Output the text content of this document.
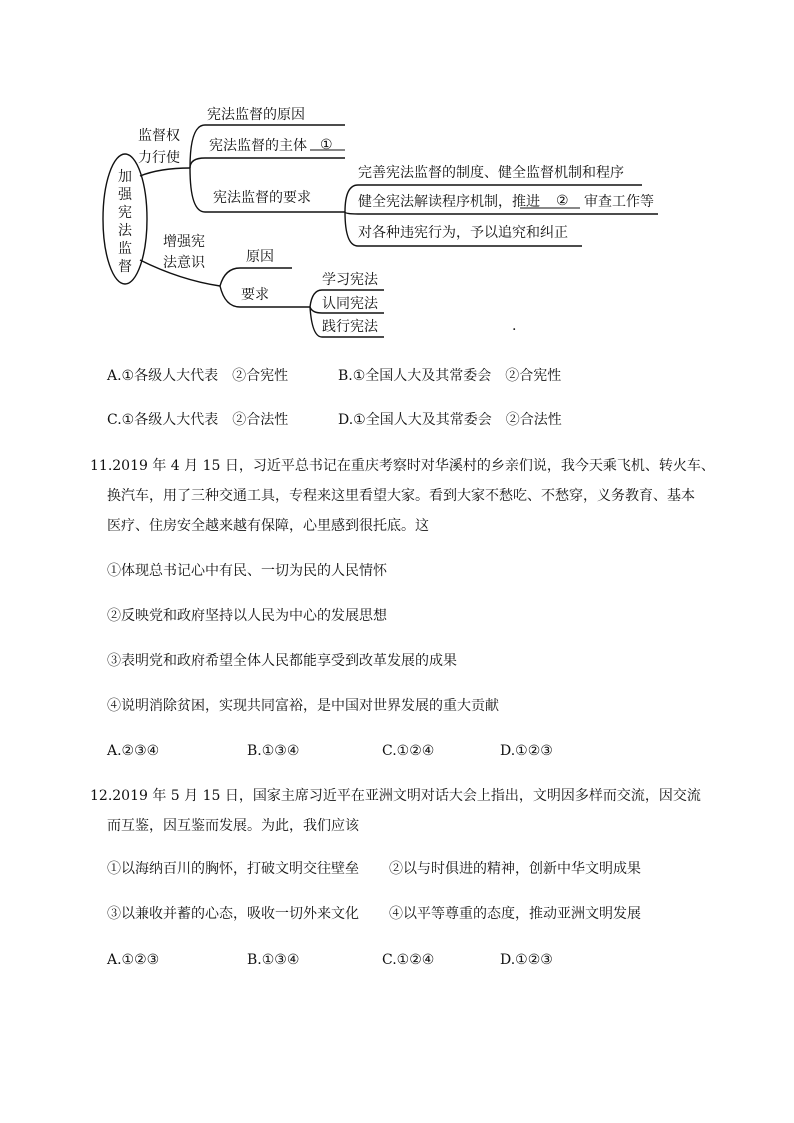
加
强
宪
法
监
督
监督权
力行使
宪法监督的原因
宪法监督的主体 ①
宪法监督的要求
完善宪法监督的制度、健全监督机制和程序
健全宪法解读程序机制，推进 ② 审查工作等
对各种违宪行为，予以追究和纠正
增强宪
法意识	原因
要求
学习宪法
认同宪法
践行宪法	.
A.①各级人大代表　②合宪性	B.①全国人大及其常委会　②合宪性
C.①各级人大代表　②合法性	D.①全国人大及其常委会　②合法性
11.2019 年 4 月 15 日，习近平总书记在重庆考察时对华溪村的乡亲们说，我今天乘飞机、转火车、
换汽车，用了三种交通工具，专程来这里看望大家。看到大家不愁吃、不愁穿，义务教育、基本
医疗、住房安全越来越有保障，心里感到很托底。这
①体现总书记心中有民、一切为民的人民情怀
②反映党和政府坚持以人民为中心的发展思想
③表明党和政府希望全体人民都能享受到改革发展的成果
④说明消除贫困，实现共同富裕，是中国对世界发展的重大贡献
A.②③④	B.①③④	C.①②④	D.①②③
12.2019 年 5 月 15 日，国家主席习近平在亚洲文明对话大会上指出，文明因多样而交流，因交流
而互鉴，因互鉴而发展。为此，我们应该
①以海纳百川的胸怀，打破文明交往壁垒 ②以与时俱进的精神，创新中华文明成果
③以兼收并蓄的心态，吸收一切外来文化 ④以平等尊重的态度，推动亚洲文明发展
A.①②③	B.①③④	C.①②④	D.①②③
